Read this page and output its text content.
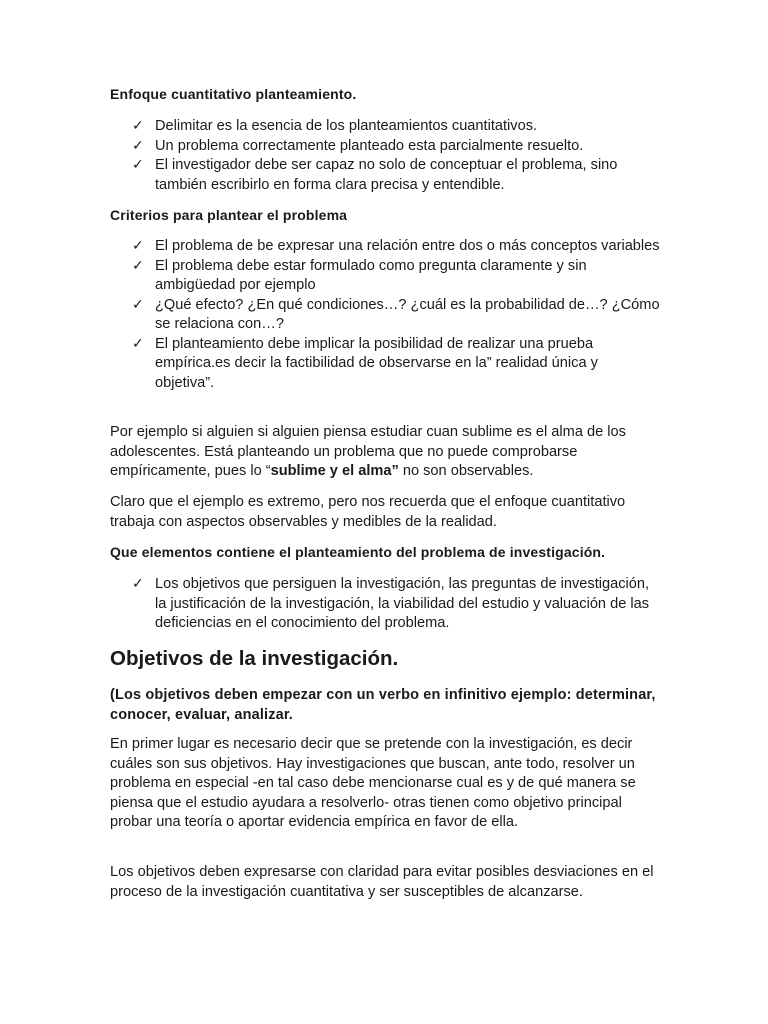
Enfoque cuantitativo planteamiento.
✓ Delimitar es la esencia de los planteamientos cuantitativos.
✓ Un problema correctamente planteado esta parcialmente resuelto.
✓ El investigador debe ser capaz no solo de conceptuar el problema, sino también escribirlo en forma clara precisa y entendible.
Criterios para plantear el problema
✓ El problema de be expresar una relación entre dos o más conceptos variables
✓ El problema debe estar formulado como pregunta claramente y sin ambigüedad por ejemplo
✓ ¿Qué efecto? ¿En qué condiciones…? ¿cuál es la probabilidad de…? ¿Cómo se relaciona con…?
✓ El planteamiento debe implicar la posibilidad de realizar una prueba empírica.es decir la factibilidad de observarse en la” realidad única y objetiva”.

Por ejemplo si alguien si alguien piensa estudiar cuan sublime es el alma de los adolescentes. Está planteando un problema que no puede comprobarse empíricamente, pues lo “sublime y el alma” no son observables.

Claro que el ejemplo es extremo, pero nos recuerda que el enfoque cuantitativo trabaja con aspectos observables y medibles de la realidad.

Que elementos contiene el planteamiento del problema de investigación.
✓ Los objetivos que persiguen la investigación, las preguntas de investigación, la justificación de la investigación, la viabilidad del estudio y valuación de las deficiencias en el conocimiento del problema.
Objetivos de la investigación.
(Los objetivos deben empezar con un verbo en infinitivo ejemplo: determinar, conocer, evaluar, analizar.

En primer lugar es necesario decir que se pretende con la investigación, es decir cuáles son sus objetivos. Hay investigaciones que buscan, ante todo, resolver un problema en especial -en tal caso debe mencionarse cual es y de qué manera se piensa que el estudio ayudara a resolverlo- otras tienen como objetivo principal probar una teoría o aportar evidencia empírica en favor de ella.

Los objetivos deben expresarse con claridad para evitar posibles desviaciones en el proceso de la investigación cuantitativa y ser susceptibles de alcanzarse.
